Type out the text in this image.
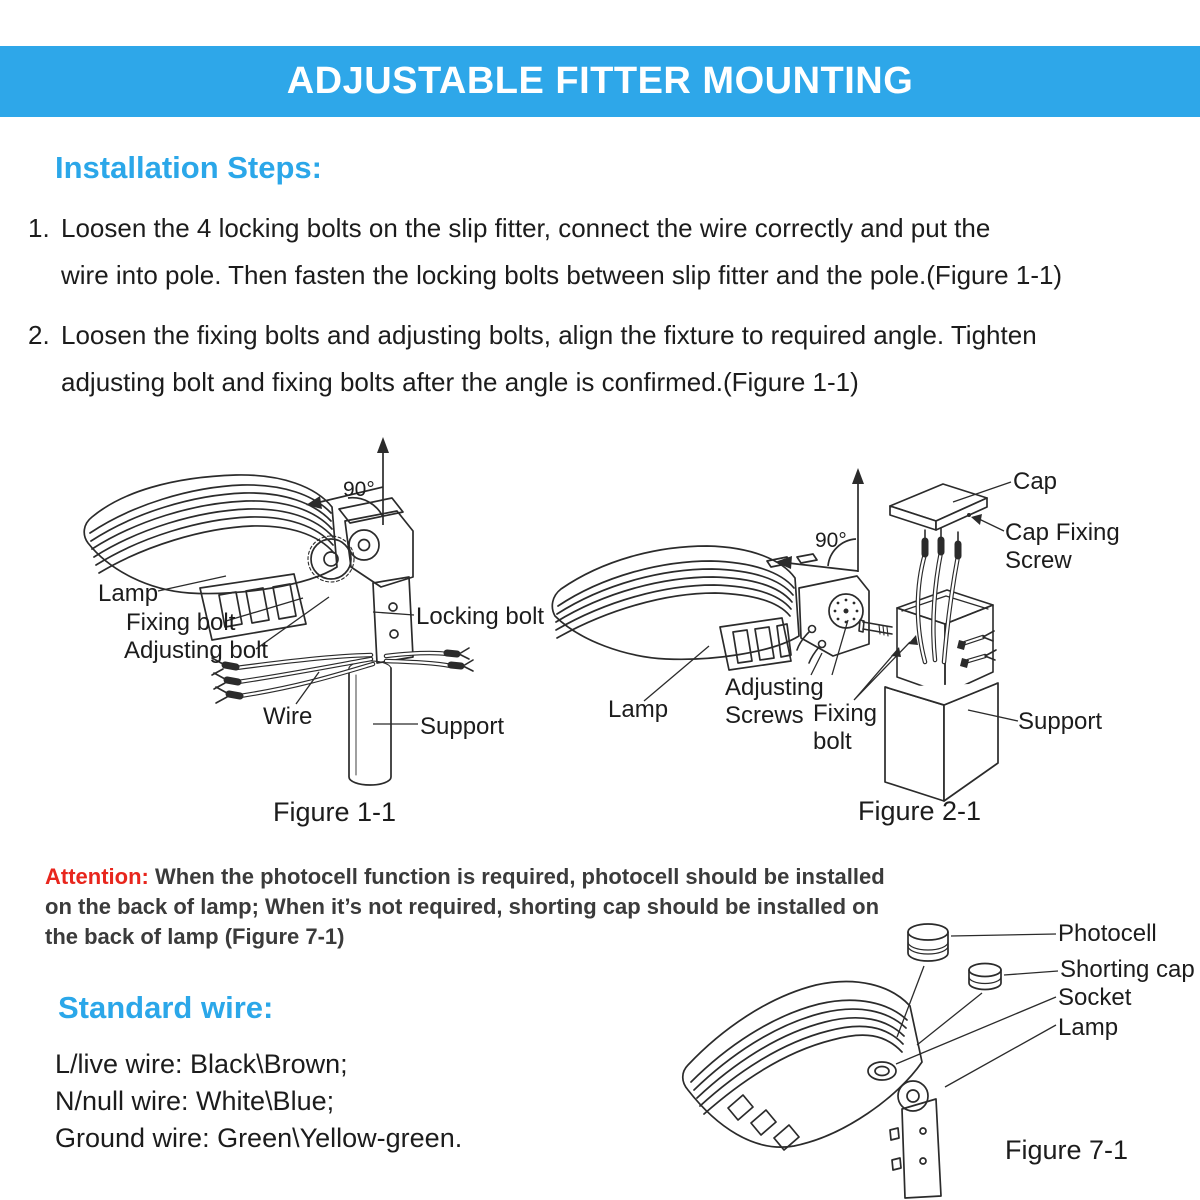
ADJUSTABLE FITTER MOUNTING
Installation Steps:
1. Loosen the 4 locking bolts on the slip fitter, connect the wire correctly and put the
wire into pole. Then fasten the locking bolts between slip fitter and the pole.(Figure 1-1)
2. Loosen the fixing bolts and adjusting bolts, align the fixture to required angle. Tighten
adjusting bolt and fixing bolts after the angle is confirmed.(Figure 1-1)
90°
Lamp
Fixing bolt
Adjusting bolt
Locking bolt
Wire	Support
Figure 1-1
90°
Cap
Cap Fixing
Screw
Lamp
Adjusting
Screws Fixing
bolt
Support
Figure 2-1
Attention: When the photocell function is required, photocell should be installed
on the back of lamp; When it’s not required, shorting cap should be installed on
the back of lamp (Figure 7-1)
Standard wire:
L/live wire: Black\Brown;
N/null wire: White\Blue;
Ground wire: Green\Yellow-green.
Photocell
Shorting cap
Socket
Lamp
Figure 7-1
